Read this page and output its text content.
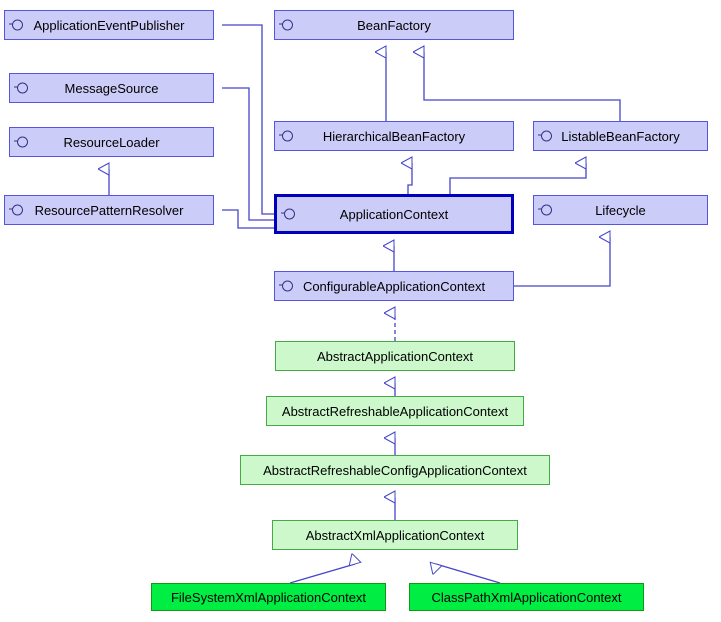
ApplicationEventPublisher	BeanFactory
MessageSource
ResourceLoader	HierarchicalBeanFactory	ListableBeanFactory
ResourcePatternResolver	ApplicationContext	Lifecycle
ConfigurableApplicationContext
AbstractApplicationContext
AbstractRefreshableApplicationContext
AbstractRefreshableConfigApplicationContext
AbstractXmlApplicationContext
FileSystemXmlApplicationContext	ClassPathXmlApplicationContext
